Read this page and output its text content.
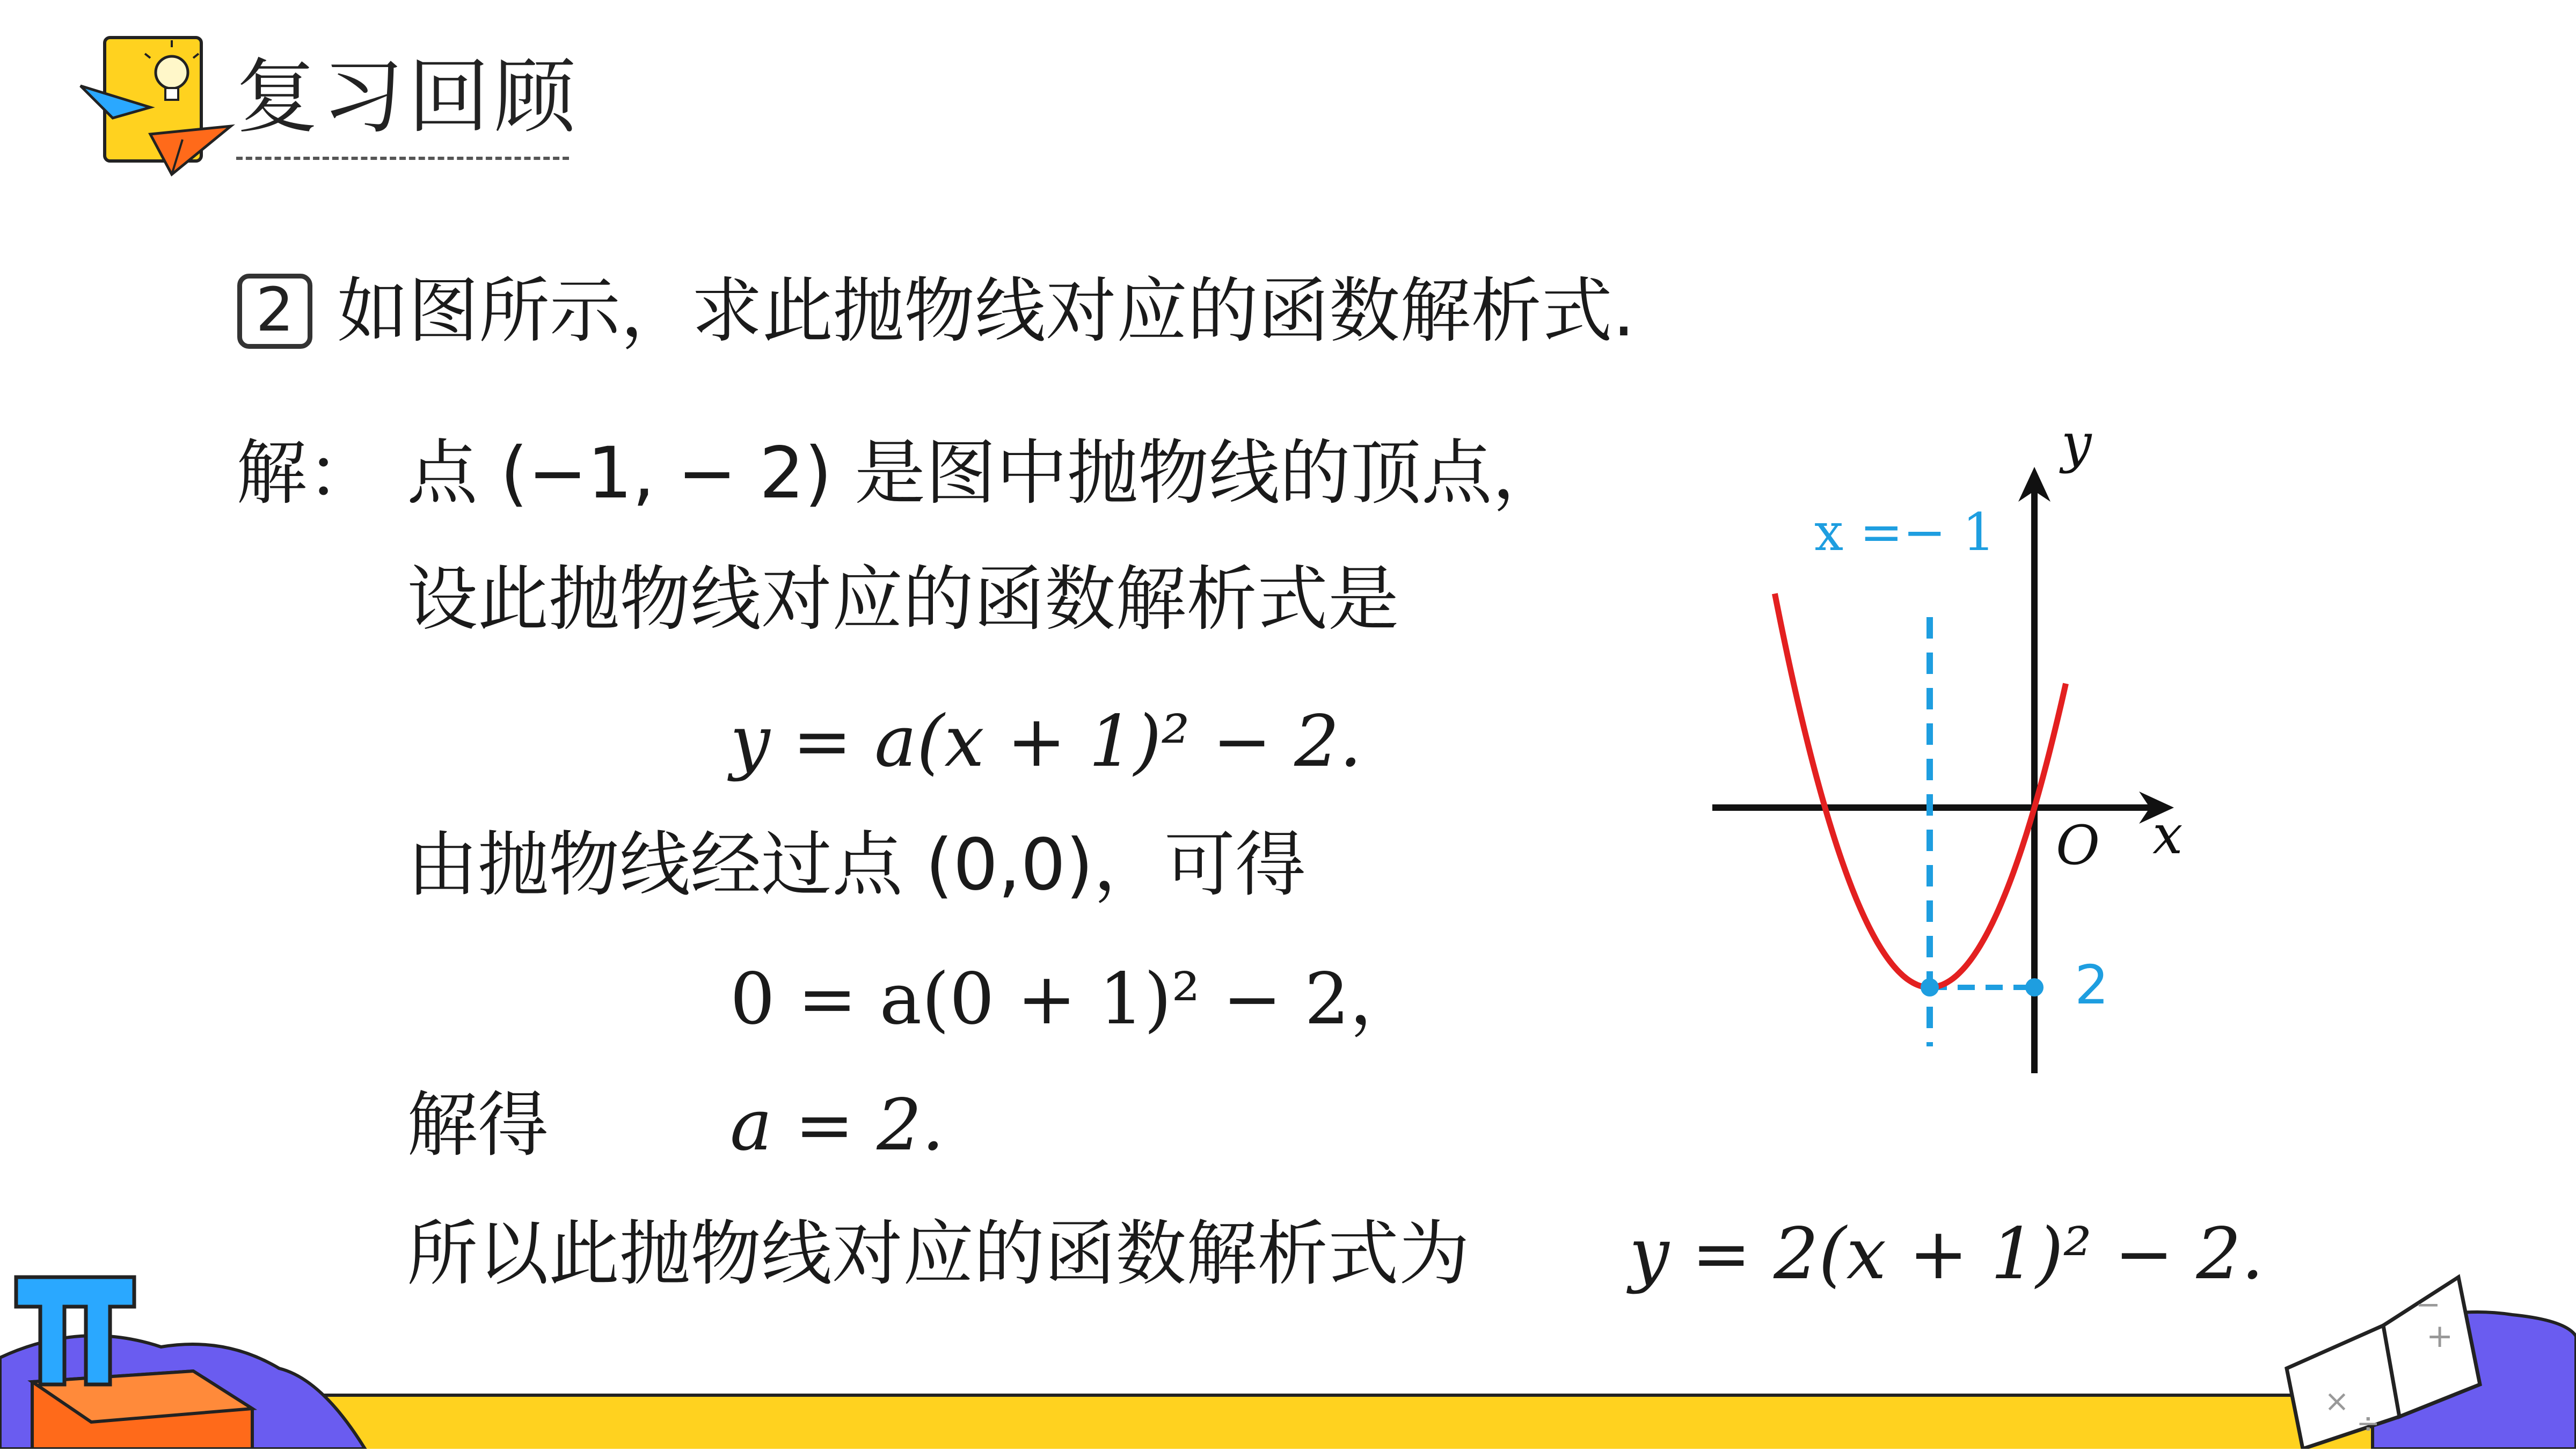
复习回顾
2 如图所示，求此抛物线对应的函数解析式.
解： 点 (−1, − 2) 是图中抛物线的顶点，
设此抛物线对应的函数解析式是
y = a(x + 1)² − 2.
由抛物线经过点 (0,0)，可得
0 = a(0 + 1)² − 2，
解得	a = 2.
所以此抛物线对应的函数解析式为 y = 2(x + 1)² − 2.
y
x
O
x =− 1
2
+
×
÷
−
